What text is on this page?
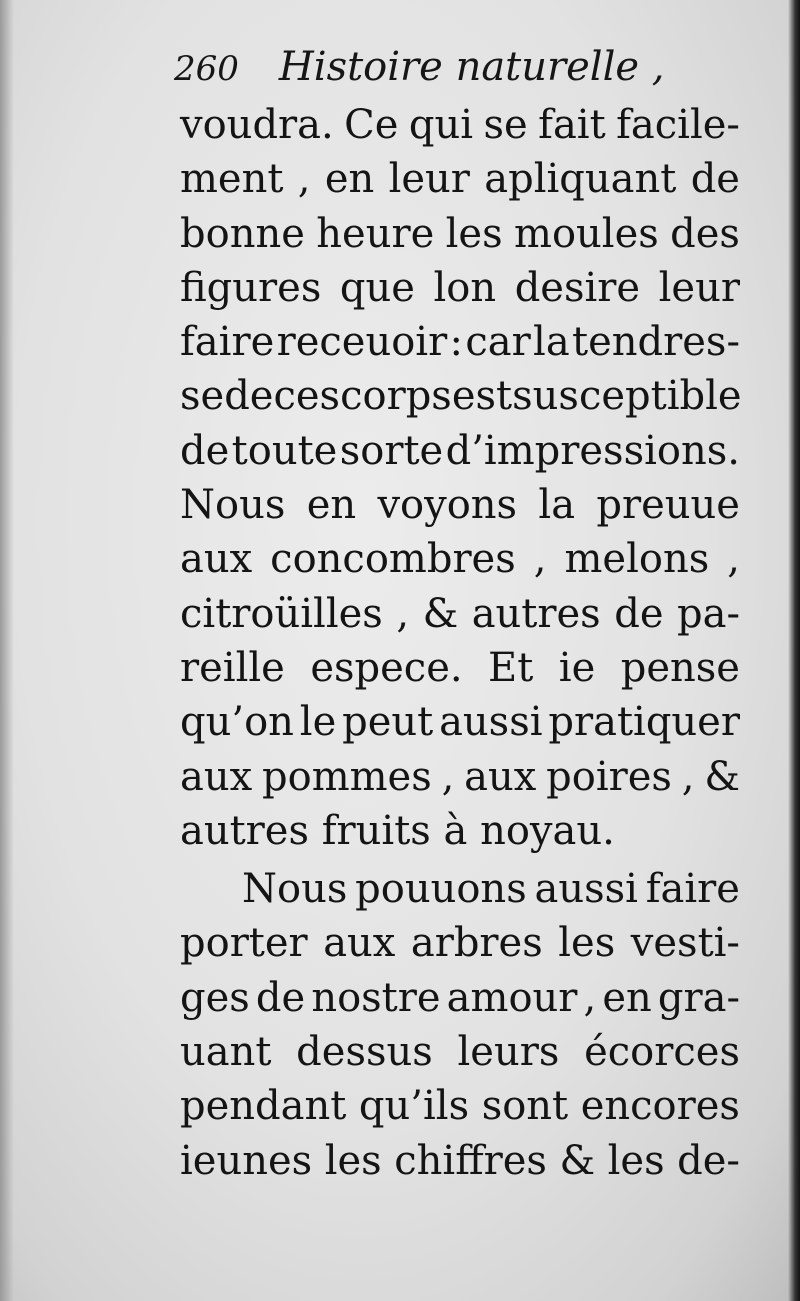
260 Histoire naturelle ,
voudra. Ce qui se fait facile-
ment , en leur apliquant de
bonne heure les moules des
figures que lon desire leur
faire receuoir : car la tendres-
se de ces corps est susceptible
de toute sorte d’impressions.
Nous en voyons la preuue
aux concombres , melons ,
citroüilles , & autres de pa-
reille espece. Et ie pense
qu’on le peut aussi pratiquer
aux pommes , aux poires , &
autres fruits à noyau.
Nous pouuons aussi faire
porter aux arbres les vesti-
ges de nostre amour , en gra-
uant dessus leurs écorces
pendant qu’ils sont encores
ieunes les chiffres & les de-
